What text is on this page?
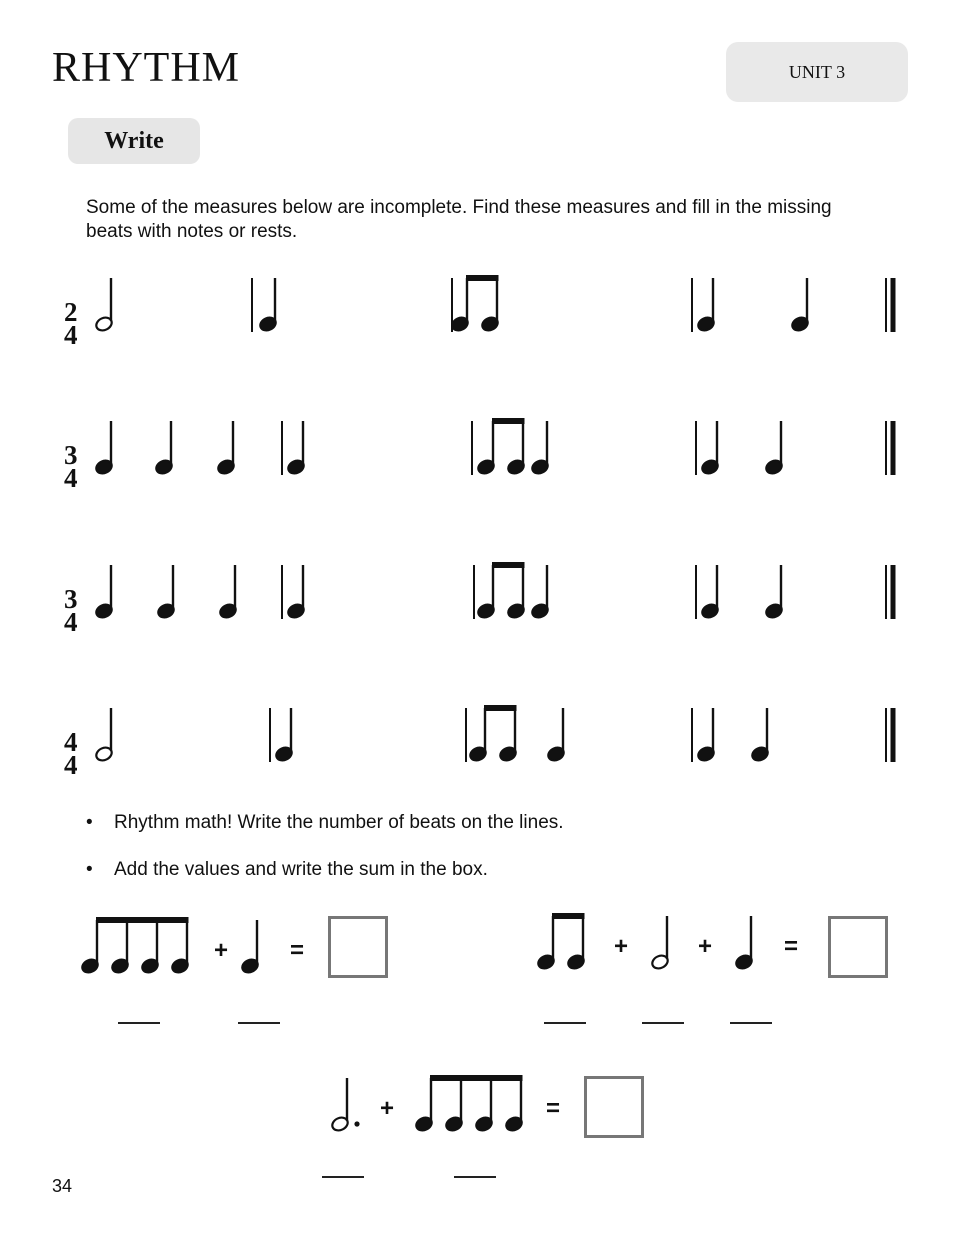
RHYTHM	UNIT 3
Write

Some of the measures below are incomplete. Find these measures and fill in the missing beats with notes or rests.

2
4
3
4
3
4
4
4
+	=	+	+	=
+	=
• Rhythm math! Write the number of beats on the lines.
• Add the values and write the sum in the box.
34
